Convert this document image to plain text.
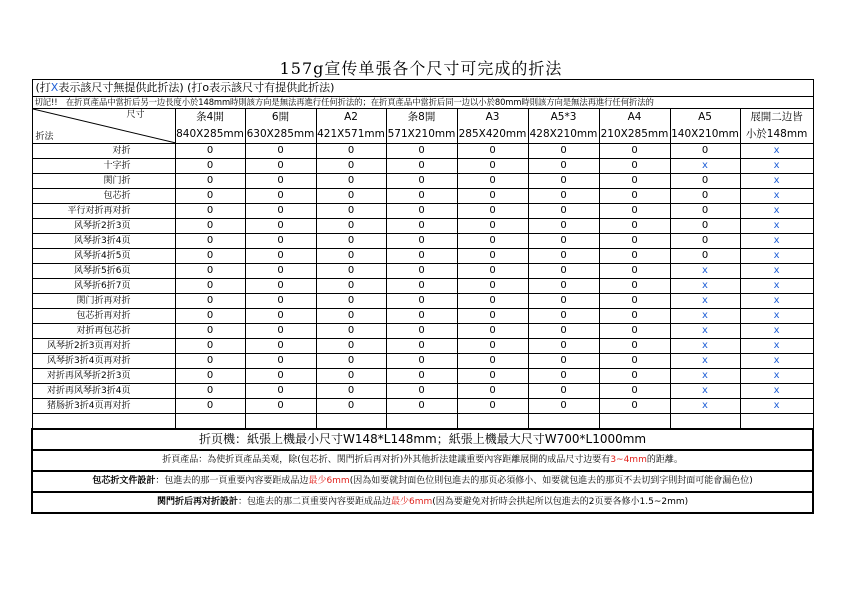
157g宣传单張各个尺寸可完成的折法
(打X表示該尺寸無提供此折法) (打o表示該尺寸有提供此折法)									
切記!!　在折頁產品中當折后另一边長度小於148mm時則該方向是無法再進行任何折法的；在折頁產品中當折后同一边以小於80mm時則該方向是無法再進行任何折法的									

尺寸
折法	条4開	6開	A2	条8開	A3	A5*3	A4	A5	展開二边皆
	840X285mm	630X285mm	421X571mm	571X210mm	285X420mm	428X210mm	210X285mm	140X210mm	小於148mm
对折	0	0	0	0	0	0	0	0	x
十字折	0	0	0	0	0	0	0	x	x
関门折	0	0	0	0	0	0	0	0	x
包芯折	0	0	0	0	0	0	0	0	x
平行对折再对折	0	0	0	0	0	0	0	0	x
风琴折2折3页	0	0	0	0	0	0	0	0	x
风琴折3折4页	0	0	0	0	0	0	0	0	x
风琴折4折5页	0	0	0	0	0	0	0	0	x
风琴折5折6页	0	0	0	0	0	0	0	x	x
风琴折6折7页	0	0	0	0	0	0	0	x	x
関门折再对折	0	0	0	0	0	0	0	x	x
包芯折再对折	0	0	0	0	0	0	0	x	x
对折再包芯折	0	0	0	0	0	0	0	x	x
风琴折2折3页再对折	0	0	0	0	0	0	0	x	x
风琴折3折4页再对折	0	0	0	0	0	0	0	x	x
对折再风琴折2折3页	0	0	0	0	0	0	0	x	x
对折再风琴折3折4页	0	0	0	0	0	0	0	x	x
猪肠折3折4页再对折	0	0	0	0	0	0	0	x	x

折页機：紙張上機最小尺寸W148*L148mm；紙張上機最大尺寸W700*L1000mm									
折頁產品：為使折頁產品美观，除(包芯折、関門折后再对折)外其他折法建議重要內容距離展開的成品尺寸边要有3~4mm的距離。									
包芯折文件設計：包進去的那一頁重要內容要距成品边最少6mm(因為如要就封面色位則包進去的那页必須修小、如要就包進去的那页不去切到字則封面可能會漏色位)									
関門折后再对折設計：包進去的那二頁重要內容要距成品边最少6mm(因為要避免对折時会拱起所以包進去的2页要各修小1.5~2mm)									
